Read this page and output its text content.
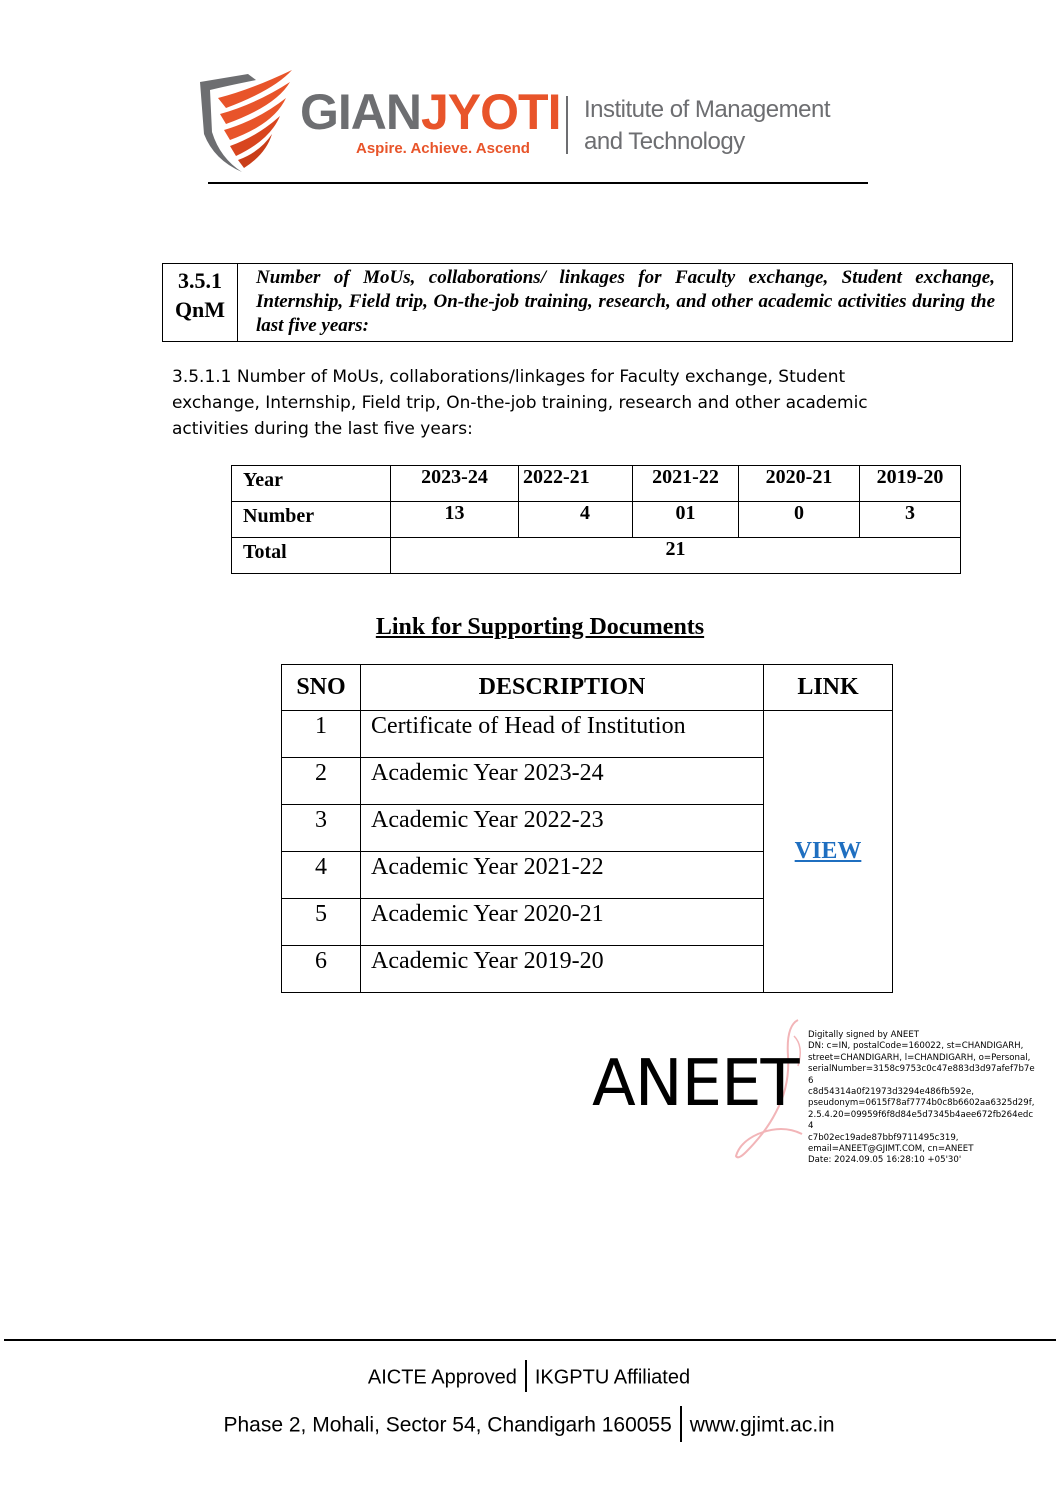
GIANJYOTI
Aspire. Achieve. Ascend
Institute of Management
and Technology
3.5.1
QnM
	Number of MoUs, collaborations/ linkages for Faculty exchange, Student exchange, Internship, Field trip, On-the-job training, research, and other academic activities during the last five years:
3.5.1.1 Number of MoUs, collaborations/linkages for Faculty exchange, Student exchange, Internship, Field trip, On-the-job training, research and other academic activities during the last five years:
Year	2023-24	2022-21	2021-22	2020-21	2019-20
Number	13	4	01	0	3
Total	21				
Link for Supporting Documents
SNO	DESCRIPTION	LINK
1	Certificate of Head of Institution	VIEW
2	Academic Year 2023-24	
3	Academic Year 2022-23	
4	Academic Year 2021-22	
5	Academic Year 2020-21	
6	Academic Year 2019-20	
ANEET
Digitally signed by ANEET
DN: c=IN, postalCode=160022, st=CHANDIGARH,
street=CHANDIGARH, l=CHANDIGARH, o=Personal,
serialNumber=3158c9753c0c47e883d3d97afef7b7e6
c8d54314a0f21973d3294e486fb592e,
pseudonym=0615f78af7774b0c8b6602aa6325d29f,
2.5.4.20=09959f6f8d84e5d7345b4aee672fb264edc4
c7b02ec19ade87bbf9711495c319,
email=ANEET@GJIMT.COM, cn=ANEET
Date: 2024.09.05 16:28:10 +05'30'
AICTE Approved IKGPTU Affiliated
Phase 2, Mohali, Sector 54, Chandigarh 160055 www.gjimt.ac.in
